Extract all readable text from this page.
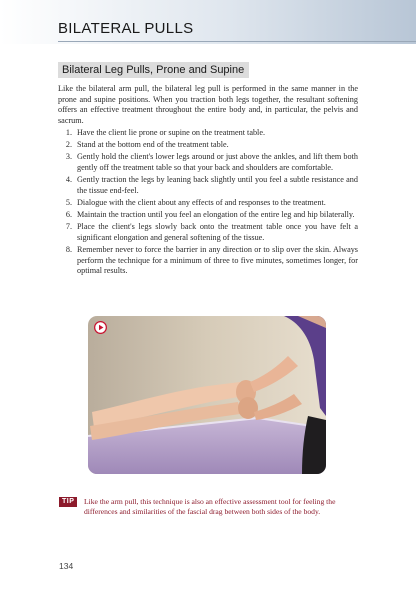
BILATERAL PULLS
Bilateral Leg Pulls, Prone and Supine

Like the bilateral arm pull, the bilateral leg pull is performed in the same manner in the prone and supine positions. When you traction both legs together, the resultant softening offers an effective treatment throughout the entire body and, in particular, the pelvis and sacrum.

1. Have the client lie prone or supine on the treatment table.
2. Stand at the bottom end of the treatment table.
3. Gently hold the client's lower legs around or just above the ankles, and lift them both gently off the treatment table so that your back and shoulders are comfortable.
4. Gently traction the legs by leaning back slightly until you feel a subtle resistance and the tissue end-feel.
5. Dialogue with the client about any effects of and responses to the treatment.
6. Maintain the traction until you feel an elongation of the entire leg and hip bilaterally.
7. Place the client's legs slowly back onto the treatment table once you have felt a significant elongation and general softening of the tissue.
8. Remember never to force the barrier in any direction or to slip over the skin. Always perform the technique for a minimum of three to five minutes, sometimes longer, for optimal results.
TIP	Like the arm pull, this technique is also an effective assessment tool for feeling the differences and similarities of the fascial drag between both sides of the body.
134
